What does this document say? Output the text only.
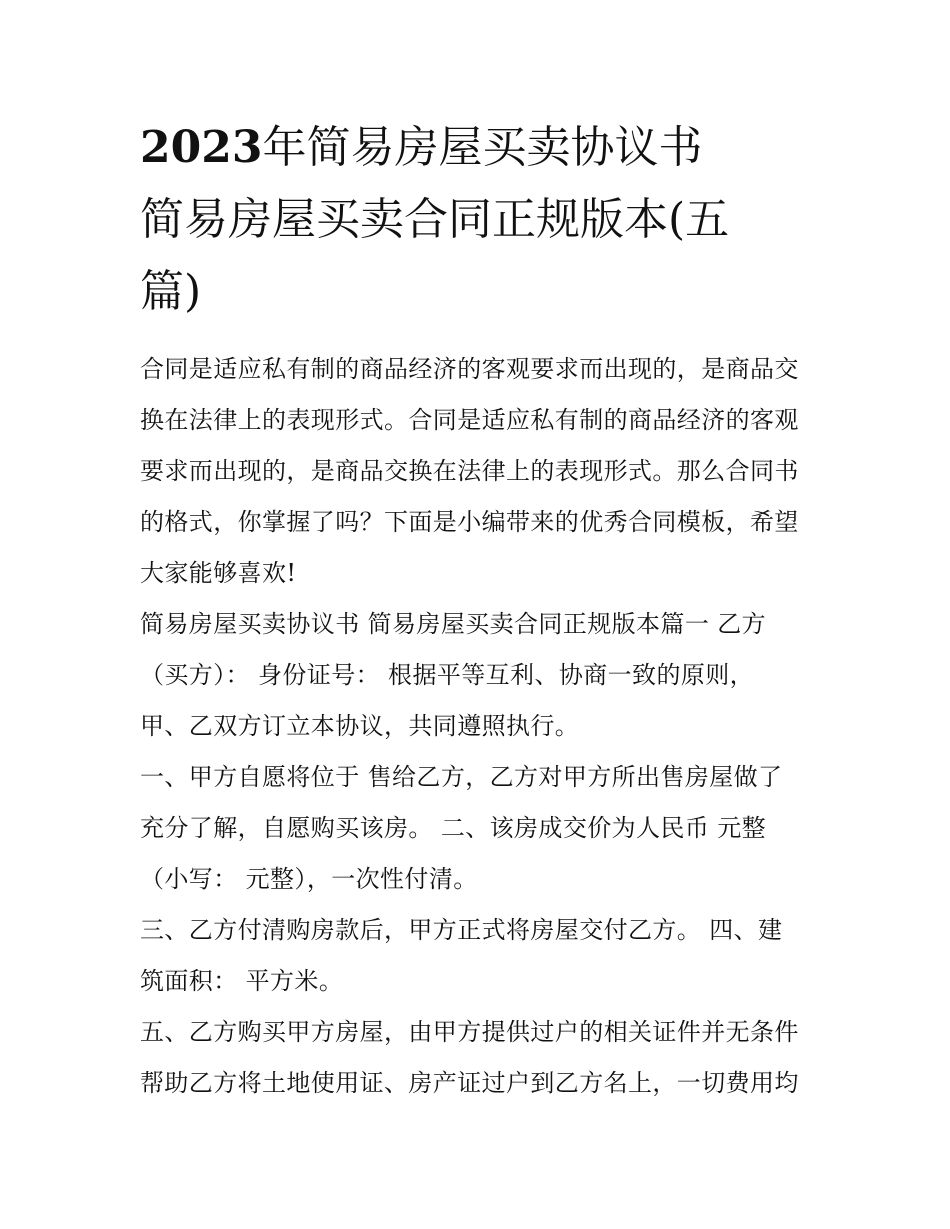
2023年简易房屋买卖协议书
简易房屋买卖合同正规版本(五
篇)

合同是适应私有制的商品经济的客观要求而出现的，是商品交
换在法律上的表现形式。合同是适应私有制的商品经济的客观
要求而出现的，是商品交换在法律上的表现形式。那么合同书
的格式，你掌握了吗？下面是小编带来的优秀合同模板，希望
大家能够喜欢!

简易房屋买卖协议书 简易房屋买卖合同正规版本篇一 乙方
（买方）： 身份证号： 根据平等互利、协商一致的原则，
甲、乙双方订立本协议，共同遵照执行。

一、甲方自愿将位于 售给乙方，乙方对甲方所出售房屋做了
充分了解，自愿购买该房。 二、该房成交价为人民币 元整
（小写： 元整），一次性付清。

三、乙方付清购房款后，甲方正式将房屋交付乙方。 四、建
筑面积： 平方米。

五、乙方购买甲方房屋，由甲方提供过户的相关证件并无条件
帮助乙方将土地使用证、房产证过户到乙方名上，一切费用均
